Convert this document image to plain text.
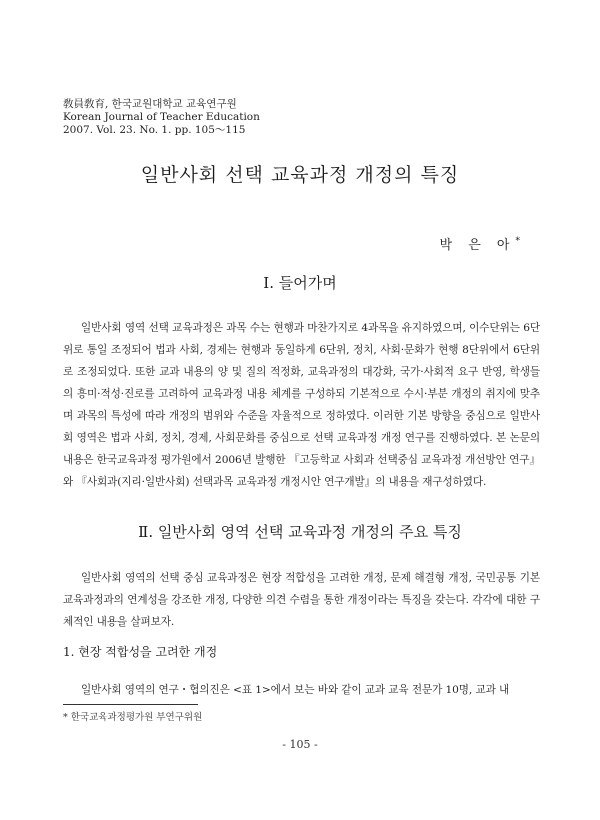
敎員敎育, 한국교원대학교 교육연구원
Korean Journal of Teacher Education
2007. Vol. 23. No. 1. pp. 105～115
일반사회 선택 교육과정 개정의 특징
박 은 아*
Ⅰ. 들어가며

일반사회 영역 선택 교육과정은 과목 수는 현행과 마찬가지로 4과목을 유지하였으며, 이수단위는 6단위로 통일 조정되어 법과 사회, 경제는 현행과 동일하게 6단위, 정치, 사회·문화가 현행 8단위에서 6단위로 조정되었다. 또한 교과 내용의 양 및 질의 적정화, 교육과정의 대강화, 국가·사회적 요구 반영, 학생들의 흥미·적성·진로를 고려하여 교육과정 내용 체계를 구성하되 기본적으로 수시·부분 개정의 취지에 맞추며 과목의 특성에 따라 개정의 범위와 수준을 자율적으로 정하였다. 이러한 기본 방향을 중심으로 일반사회 영역은 법과 사회, 정치, 경제, 사회문화를 중심으로 선택 교육과정 개정 연구를 진행하였다. 본 논문의 내용은 한국교육과정 평가원에서 2006년 발행한 『고등학교 사회과 선택중심 교육과정 개선방안 연구』와 『사회과(지리·일반사회) 선택과목 교육과정 개정시안 연구개발』의 내용을 재구성하였다.

Ⅱ. 일반사회 영역 선택 교육과정 개정의 주요 특징

일반사회 영역의 선택 중심 교육과정은 현장 적합성을 고려한 개정, 문제 해결형 개정, 국민공통 기본 교육과정과의 연계성을 강조한 개정, 다양한 의견 수렴을 통한 개정이라는 특징을 갖는다. 각각에 대한 구체적인 내용을 살펴보자.

1. 현장 적합성을 고려한 개정

일반사회 영역의 연구・협의진은 <표 1>에서 보는 바와 같이 교과 교육 전문가 10명, 교과 내

* 한국교육과정평가원 부연구위원
- 105 -
